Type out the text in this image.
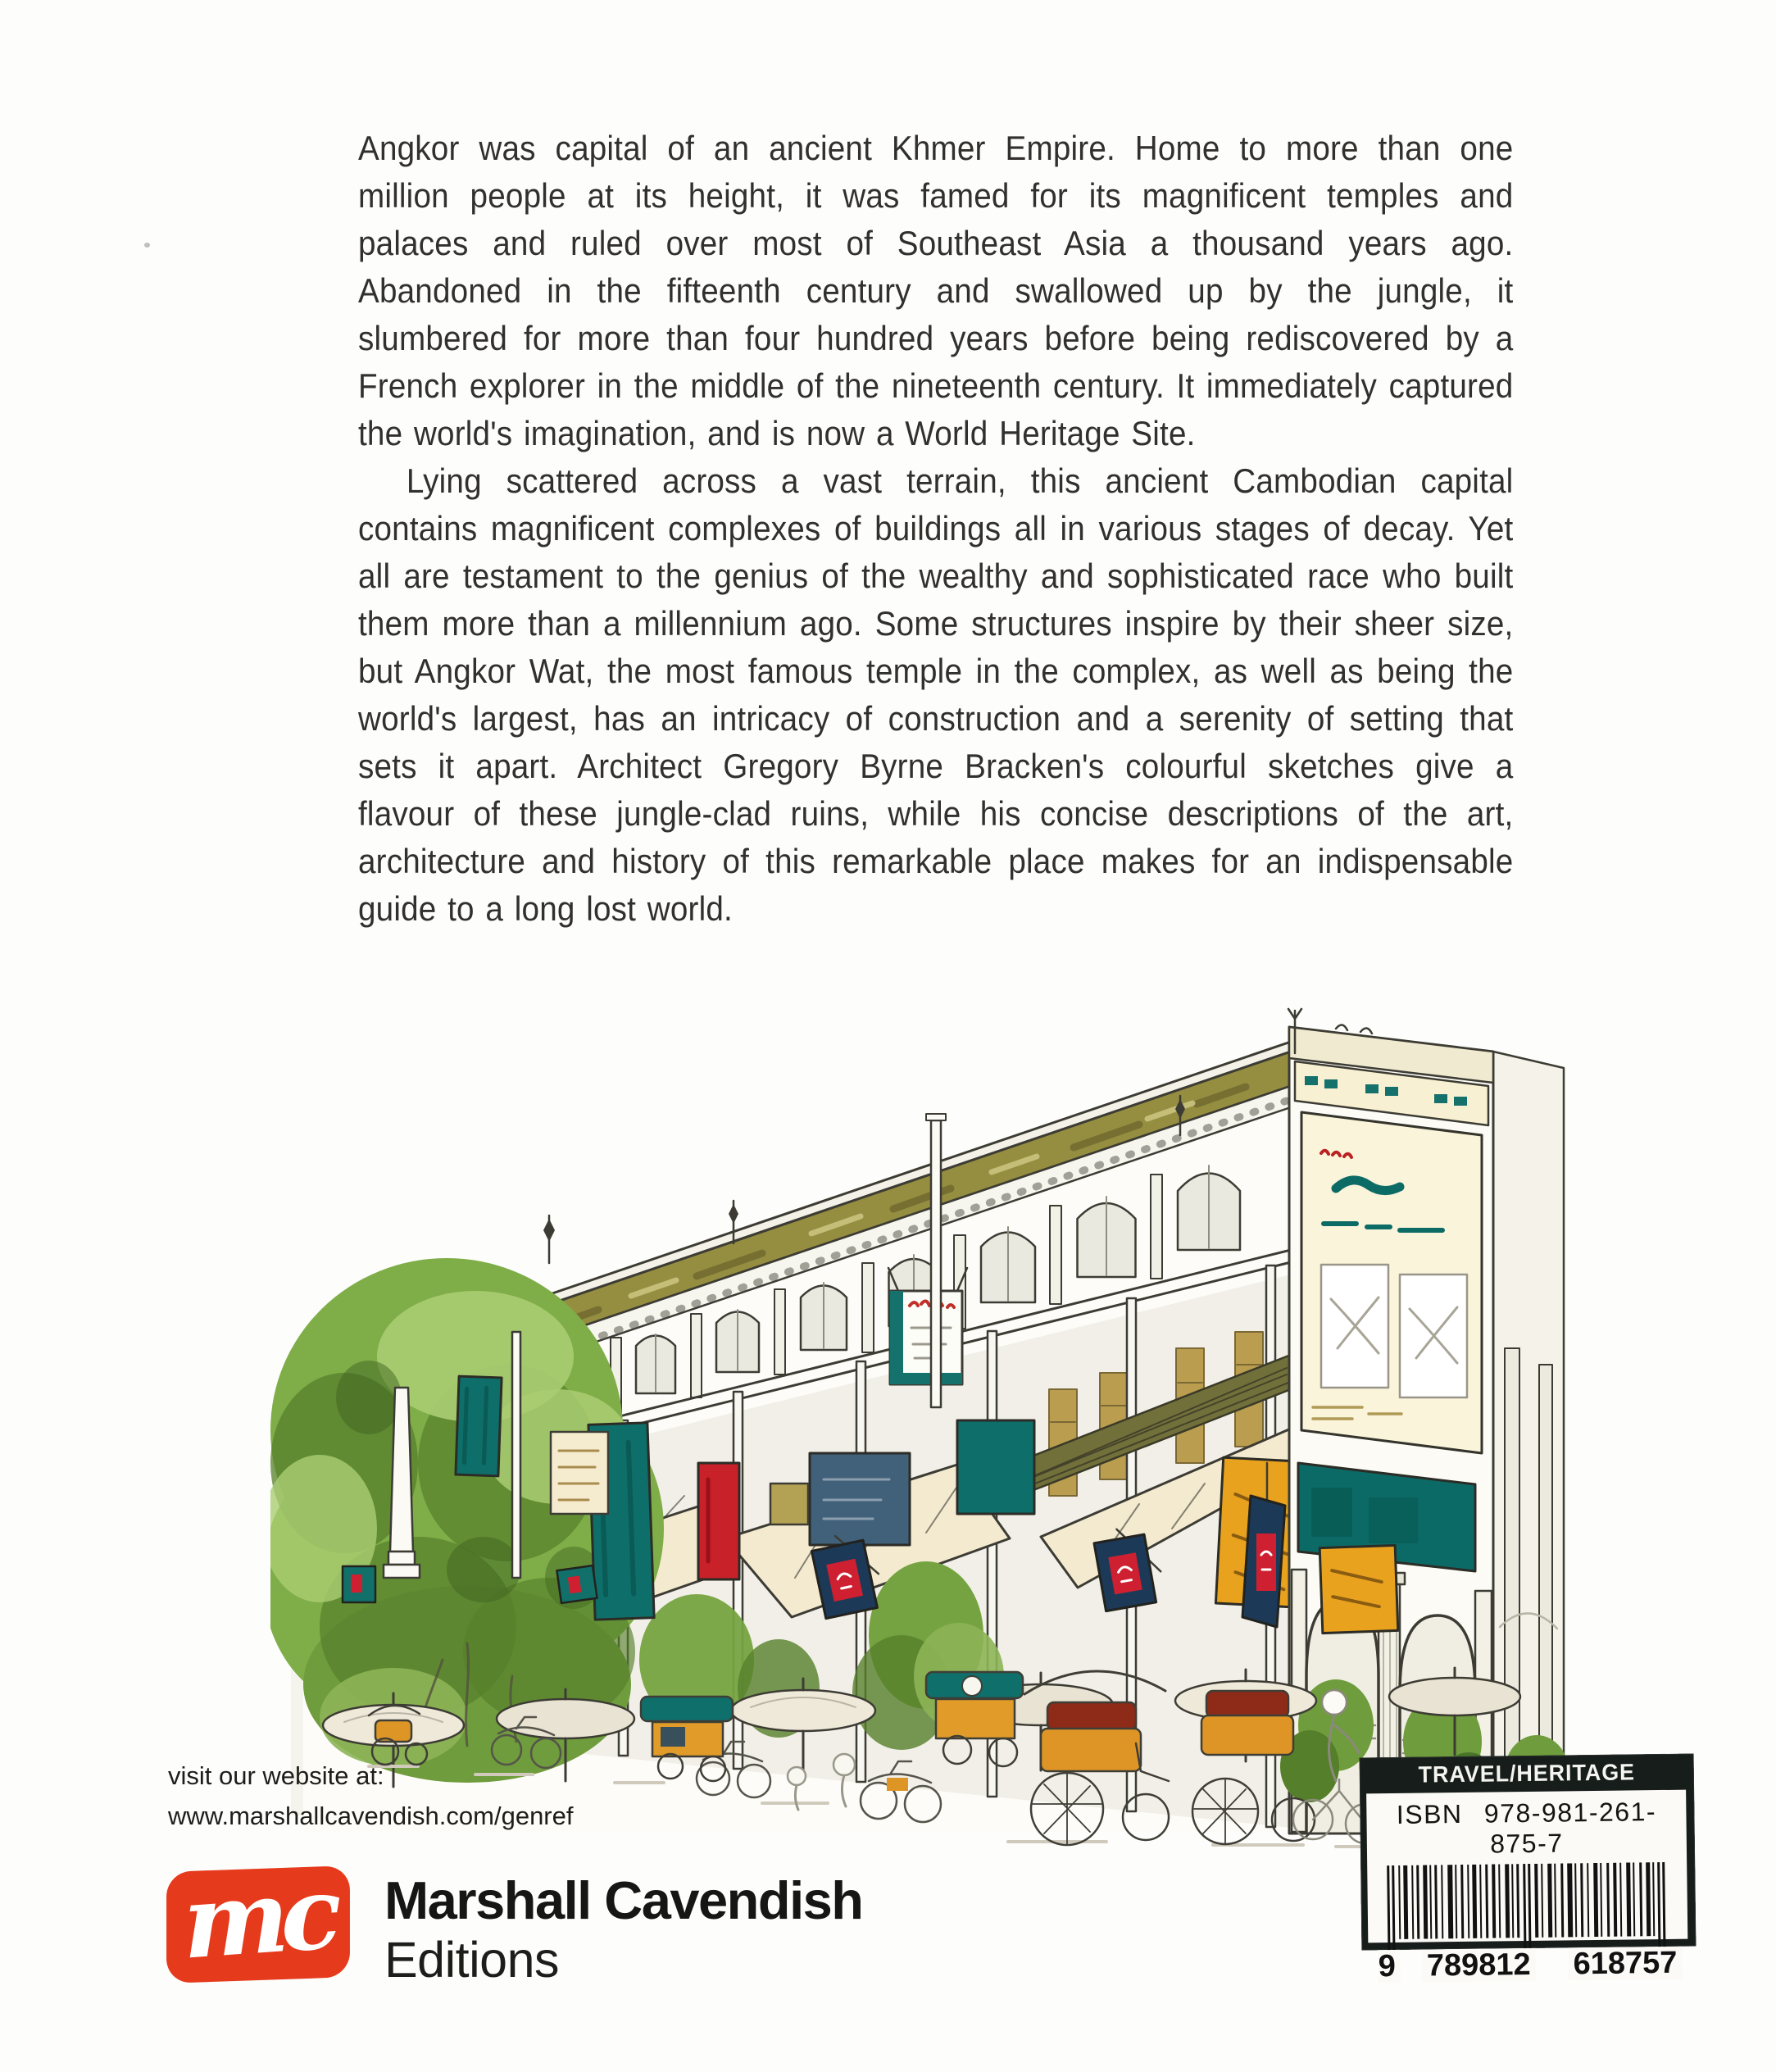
Angkor was capital of an ancient Khmer Empire. Home to more than one million people at its height, it was famed for its magnificent temples and palaces and ruled over most of Southeast Asia a thousand years ago. Abandoned in the fifteenth century and swallowed up by the jungle, it slumbered for more than four hundred years before being rediscovered by a French explorer in the middle of the nineteenth century. It immediately captured the world's imagination, and is now a World Heritage Site.

Lying scattered across a vast terrain, this ancient Cambodian capital contains magnificent complexes of buildings all in various stages of decay. Yet all are testament to the genius of the wealthy and sophisticated race who built them more than a millennium ago. Some structures inspire by their sheer size, but Angkor Wat, the most famous temple in the complex, as well as being the world's largest, has an intricacy of construction and a serenity of setting that sets it apart. Architect Gregory Byrne Bracken's colourful sketches give a flavour of these jungle-clad ruins, while his concise descriptions of the art, architecture and history of this remarkable place makes for an indispensable guide to a long lost world.

visit our website at:
www.marshallcavendish.com/genref
mc Marshall Cavendish
Editions
TRAVEL/HERITAGE
ISBN 978-981-261-875-7
9 789812 618757
